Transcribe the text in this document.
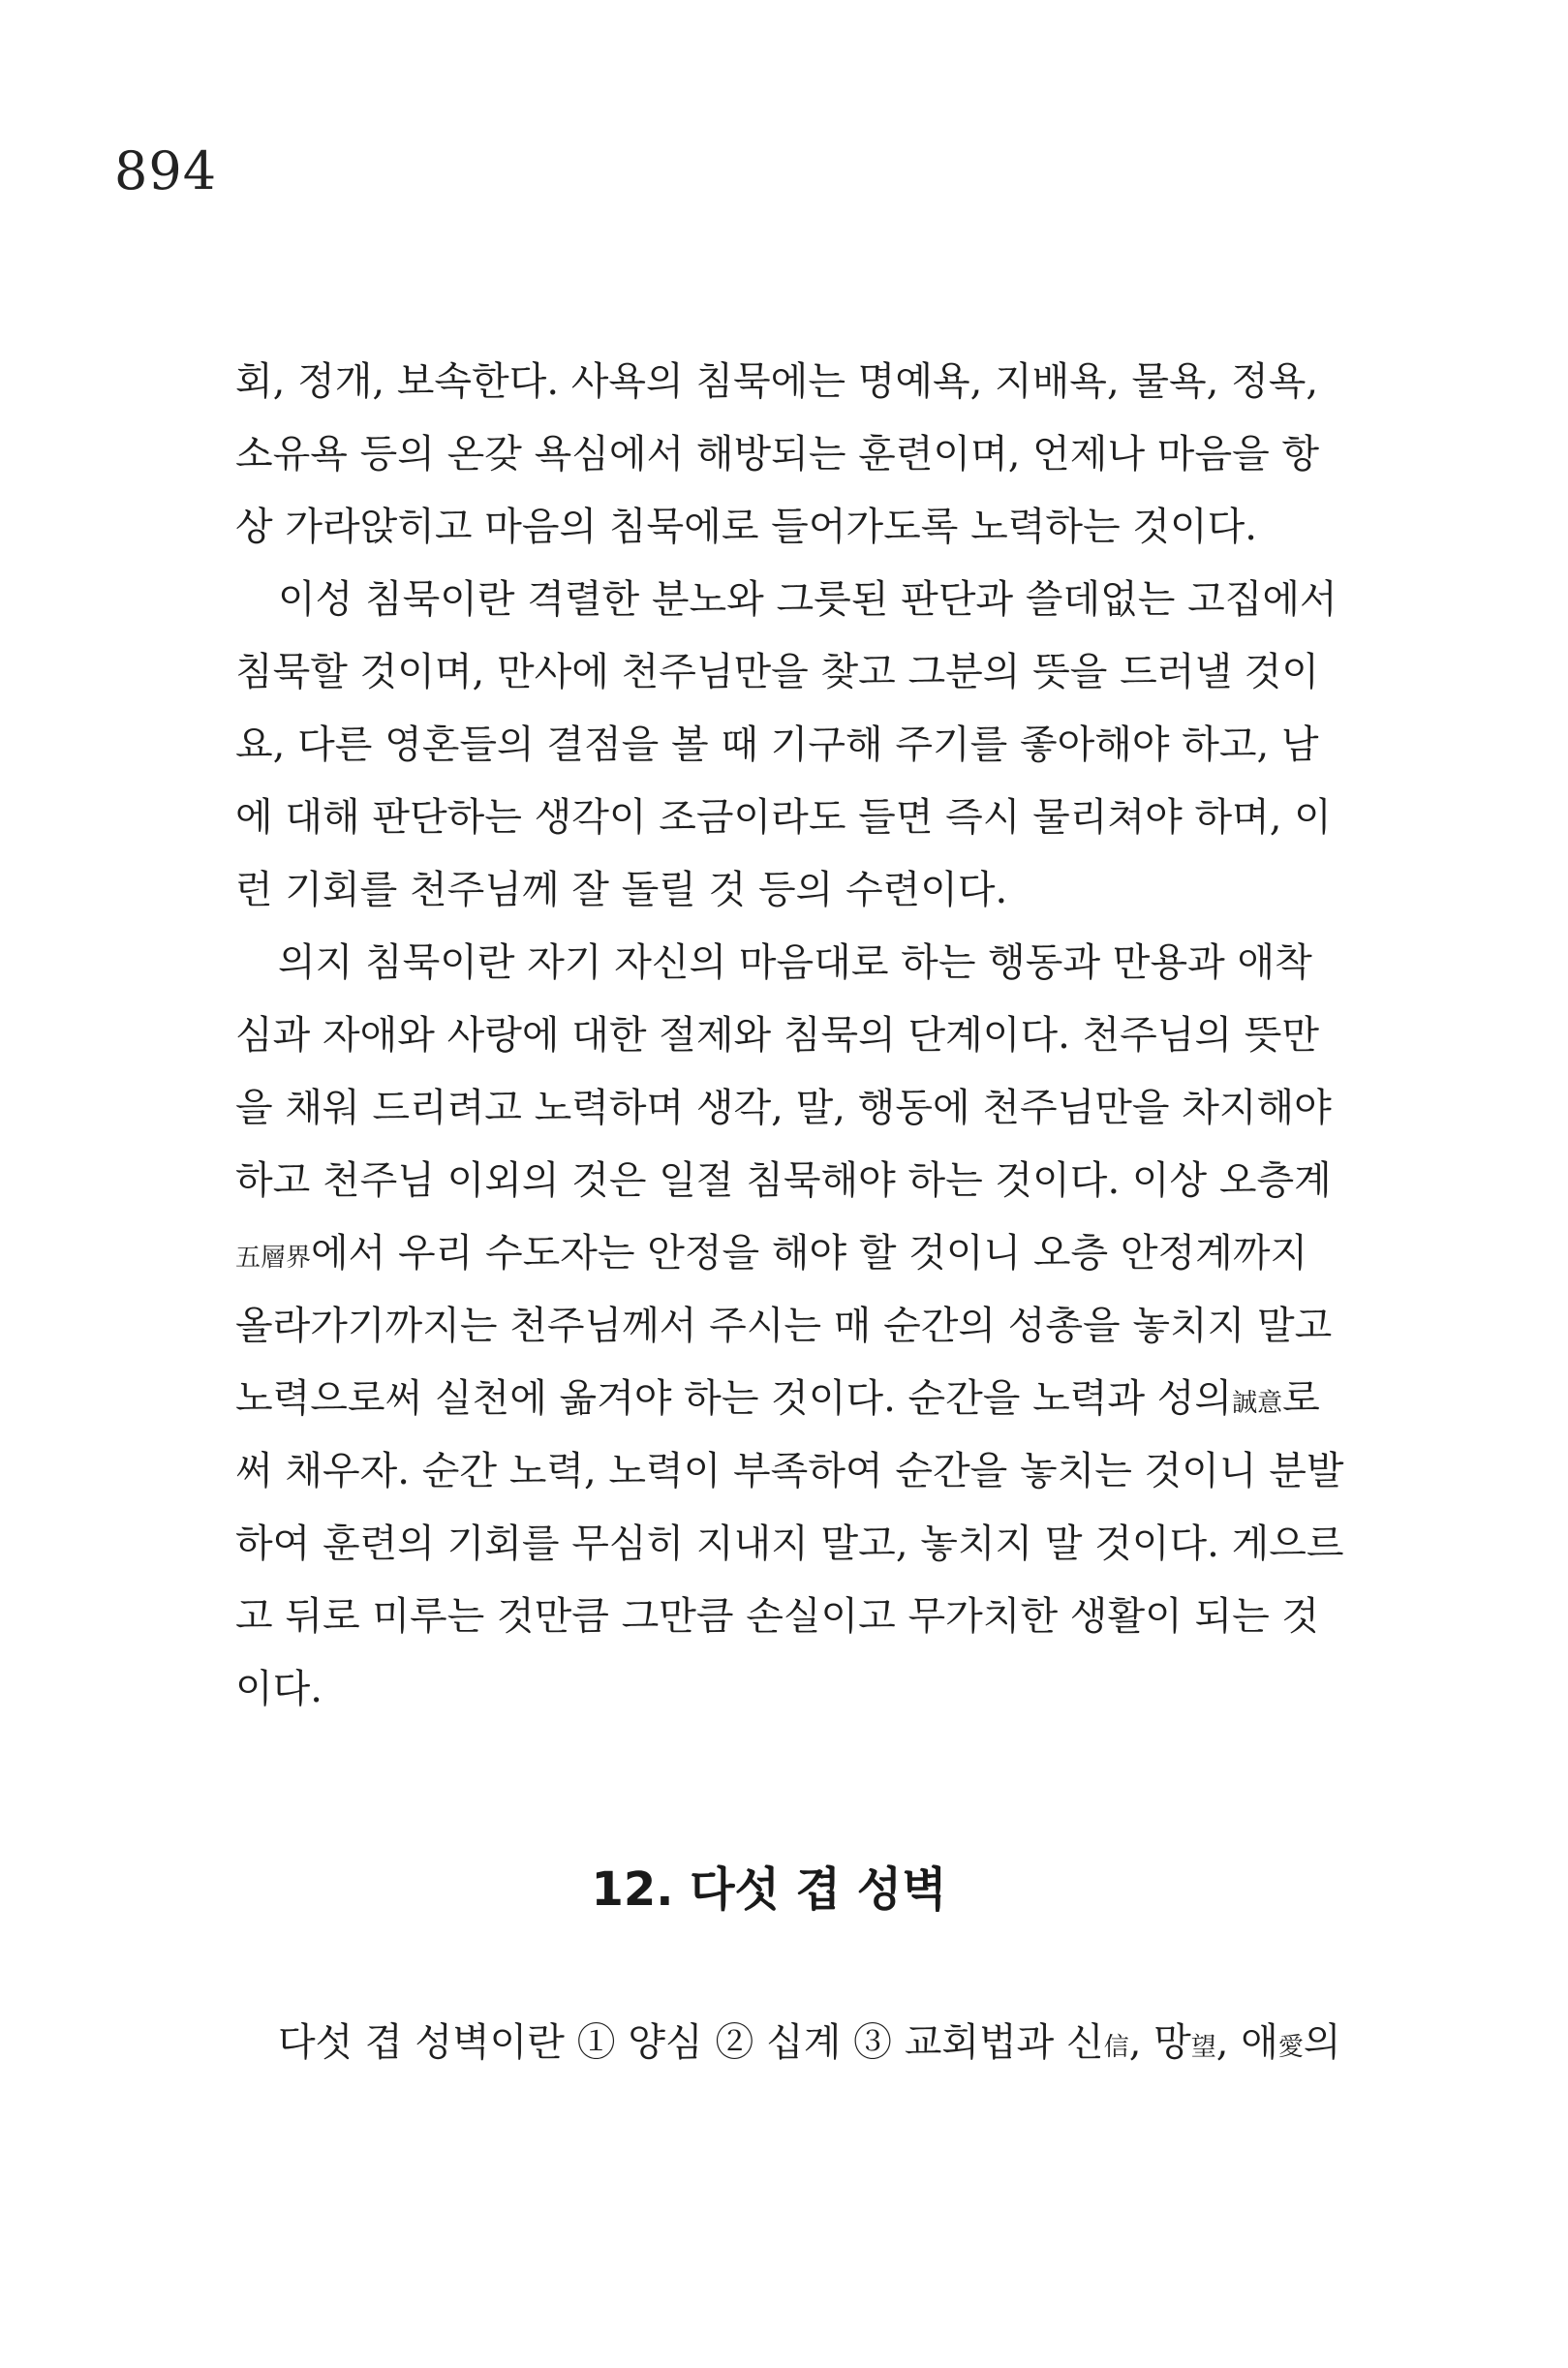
894
회, 정개, 보속한다. 사욕의 침묵에는 명예욕, 지배욕, 물욕, 정욕,
소유욕 등의 온갖 욕심에서 해방되는 훈련이며, 언제나 마음을 항
상 가라앉히고 마음의 침묵에로 들어가도록 노력하는 것이다.
이성 침묵이란 격렬한 분노와 그릇된 판단과 쓸데없는 고집에서
침묵할 것이며, 만사에 천주님만을 찾고 그분의 뜻을 드러낼 것이
요, 다른 영혼들의 결점을 볼 때 기구해 주기를 좋아해야 하고, 남
에 대해 판단하는 생각이 조금이라도 들면 즉시 물리쳐야 하며, 이
런 기회를 천주님께 잘 돌릴 것 등의 수련이다.
의지 침묵이란 자기 자신의 마음대로 하는 행동과 만용과 애착
심과 자애와 사랑에 대한 절제와 침묵의 단계이다. 천주님의 뜻만
을 채워 드리려고 노력하며 생각, 말, 행동에 천주님만을 차지해야
하고 천주님 이외의 것은 일절 침묵해야 하는 것이다. 이상 오층계
五層界에서 우리 수도자는 안정을 해야 할 것이니 오층 안정계까지
올라가기까지는 천주님께서 주시는 매 순간의 성총을 놓치지 말고
노력으로써 실천에 옮겨야 하는 것이다. 순간을 노력과 성의誠意로
써 채우자. 순간 노력, 노력이 부족하여 순간을 놓치는 것이니 분발
하여 훈련의 기회를 무심히 지내지 말고, 놓치지 말 것이다. 게으르
고 뒤로 미루는 것만큼 그만큼 손실이고 무가치한 생활이 되는 것
이다.
12. 다섯 겹 성벽
다섯 겹 성벽이란 ① 양심 ② 십계 ③ 교회법과 신信, 망望, 애愛의
